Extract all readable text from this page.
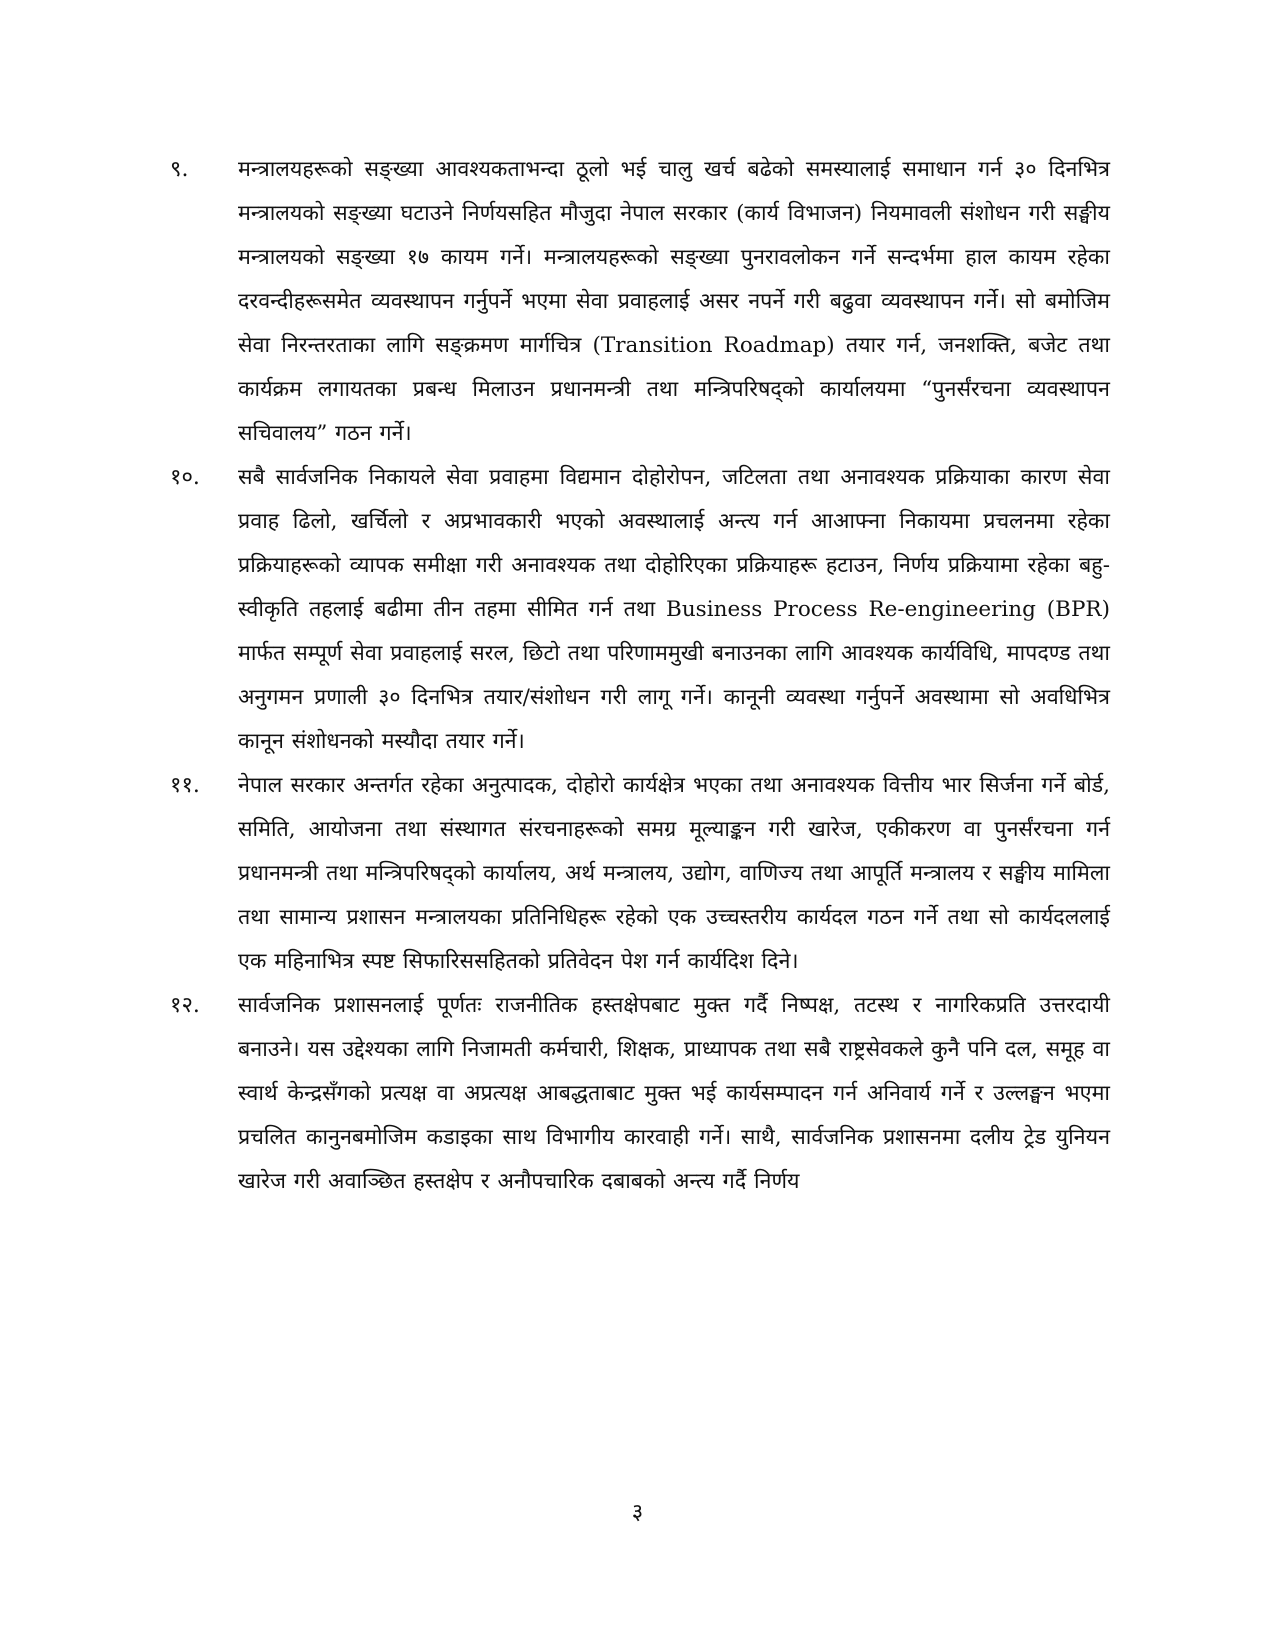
९.	मन्त्रालयहरूको सङ्ख्या आवश्यकताभन्दा ठूलो भई चालु खर्च बढेको समस्यालाई समाधान गर्न ३० दिनभित्र मन्त्रालयको सङ्ख्या घटाउने निर्णयसहित मौजुदा नेपाल सरकार (कार्य विभाजन) नियमावली संशोधन गरी सङ्घीय मन्त्रालयको सङ्ख्या १७ कायम गर्ने। मन्त्रालयहरूको सङ्ख्या पुनरावलोकन गर्ने सन्दर्भमा हाल कायम रहेका दरवन्दीहरूसमेत व्यवस्थापन गर्नुपर्ने भएमा सेवा प्रवाहलाई असर नपर्ने गरी बढुवा व्यवस्थापन गर्ने। सो बमोजिम सेवा निरन्तरताका लागि सङ्क्रमण मार्गचित्र (Transition Roadmap) तयार गर्न, जनशक्ति, बजेट तथा कार्यक्रम लगायतका प्रबन्ध मिलाउन प्रधानमन्त्री तथा मन्त्रिपरिषद्को कार्यालयमा “पुनर्संरचना व्यवस्थापन सचिवालय” गठन गर्ने।
१०.	सबै सार्वजनिक निकायले सेवा प्रवाहमा विद्यमान दोहोरोपन, जटिलता तथा अनावश्यक प्रक्रियाका कारण सेवा प्रवाह ढिलो, खर्चिलो र अप्रभावकारी भएको अवस्थालाई अन्त्य गर्न आआफ्ना निकायमा प्रचलनमा रहेका प्रक्रियाहरूको व्यापक समीक्षा गरी अनावश्यक तथा दोहोरिएका प्रक्रियाहरू हटाउन, निर्णय प्रक्रियामा रहेका बहु-स्वीकृति तहलाई बढीमा तीन तहमा सीमित गर्न तथा Business Process Re-engineering (BPR) मार्फत सम्पूर्ण सेवा प्रवाहलाई सरल, छिटो तथा परिणाममुखी बनाउनका लागि आवश्यक कार्यविधि, मापदण्ड तथा अनुगमन प्रणाली ३० दिनभित्र तयार/संशोधन गरी लागू गर्ने। कानूनी व्यवस्था गर्नुपर्ने अवस्थामा सो अवधिभित्र कानून संशोधनको मस्यौदा तयार गर्ने।
११.	नेपाल सरकार अन्तर्गत रहेका अनुत्पादक, दोहोरो कार्यक्षेत्र भएका तथा अनावश्यक वित्तीय भार सिर्जना गर्ने बोर्ड, समिति, आयोजना तथा संस्थागत संरचनाहरूको समग्र मूल्याङ्कन गरी खारेज, एकीकरण वा पुनर्संरचना गर्न प्रधानमन्त्री तथा मन्त्रिपरिषद्को कार्यालय, अर्थ मन्त्रालय, उद्योग, वाणिज्य तथा आपूर्ति मन्त्रालय र सङ्घीय मामिला तथा सामान्य प्रशासन मन्त्रालयका प्रतिनिधिहरू रहेको एक उच्चस्तरीय कार्यदल गठन गर्ने तथा सो कार्यदललाई एक महिनाभित्र स्पष्ट सिफारिससहितको प्रतिवेदन पेश गर्न कार्यदिश दिने।
१२.	सार्वजनिक प्रशासनलाई पूर्णतः राजनीतिक हस्तक्षेपबाट मुक्त गर्दै निष्पक्ष, तटस्थ र नागरिकप्रति उत्तरदायी बनाउने। यस उद्देश्यका लागि निजामती कर्मचारी, शिक्षक, प्राध्यापक तथा सबै राष्ट्रसेवकले कुनै पनि दल, समूह वा स्वार्थ केन्द्रसँगको प्रत्यक्ष वा अप्रत्यक्ष आबद्धताबाट मुक्त भई कार्यसम्पादन गर्न अनिवार्य गर्ने र उल्लङ्घन भएमा प्रचलित कानुनबमोजिम कडाइका साथ विभागीय कारवाही गर्ने। साथै, सार्वजनिक प्रशासनमा दलीय ट्रेड युनियन खारेज गरी अवाञ्छित हस्तक्षेप र अनौपचारिक दबाबको अन्त्य गर्दै निर्णय
३
